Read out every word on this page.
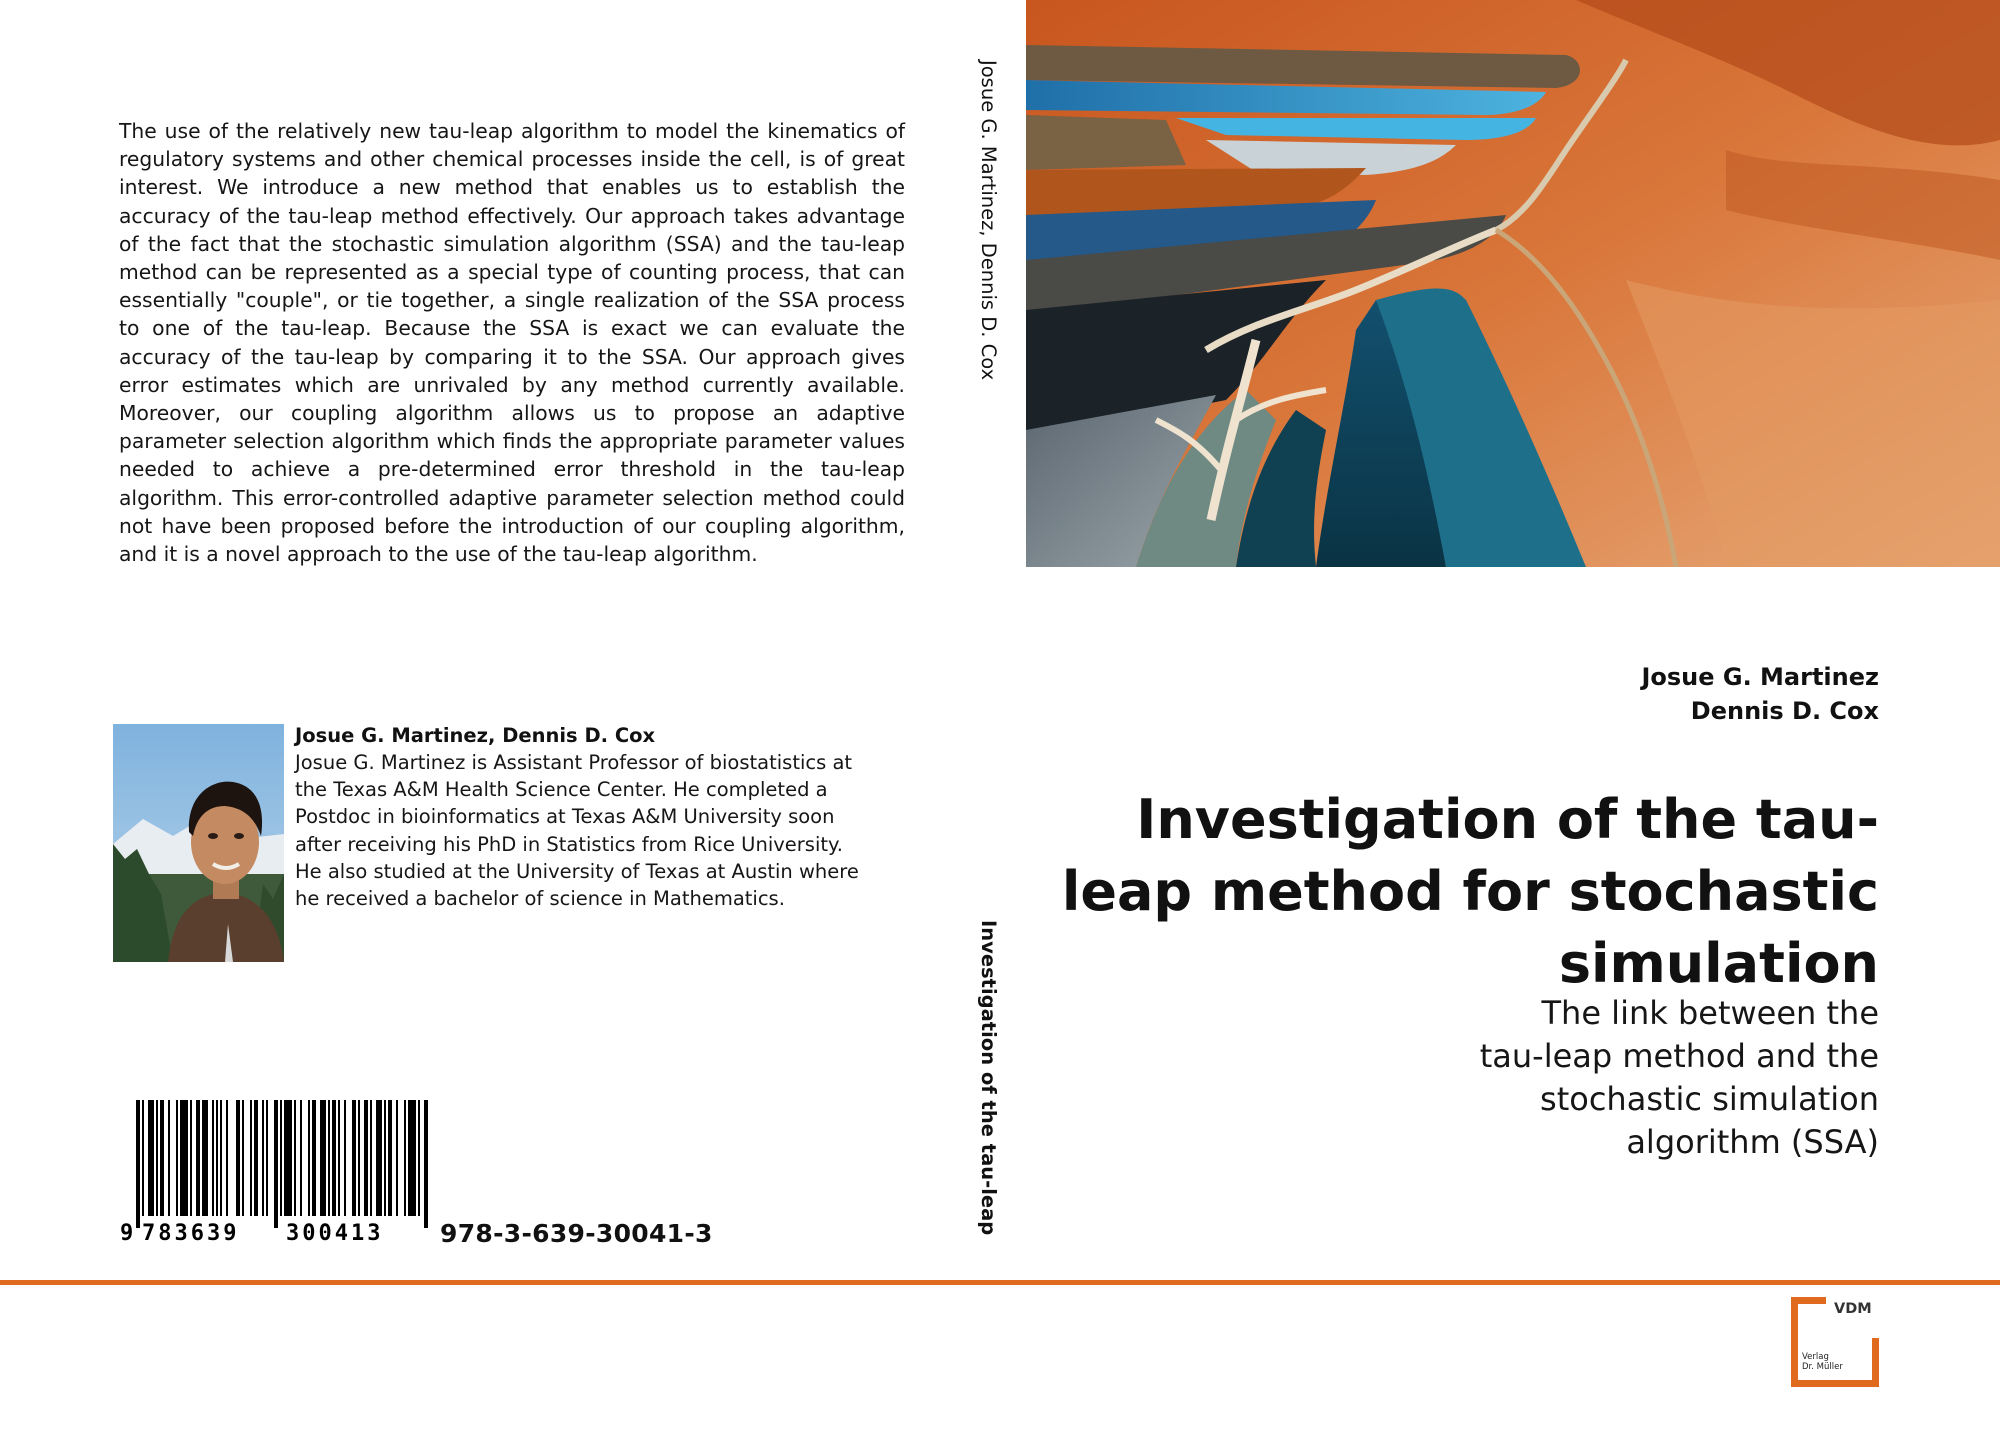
The use of the relatively new tau-leap algorithm to model the kinematics of regulatory systems and other chemical processes inside the cell, is of great interest. We introduce a new method that enables us to establish the accuracy of the tau-leap method effectively. Our approach takes advantage of the fact that the stochastic simulation algorithm (SSA) and the tau-leap method can be represented as a special type of counting process, that can essentially "couple", or tie together, a single realization of the SSA process to one of the tau-leap. Because the SSA is exact we can evaluate the accuracy of the tau-leap by comparing it to the SSA. Our approach gives error estimates which are unrivaled by any method currently available. Moreover, our coupling algorithm allows us to propose an adaptive parameter selection algorithm which finds the appropriate parameter values needed to achieve a pre-determined error threshold in the tau-leap algorithm. This error-controlled adaptive parameter selection method could not have been proposed before the introduction of our coupling algorithm, and it is a novel approach to the use of the tau-leap algorithm.
Josue G. Martinez, Dennis D. Cox
Josue G. Martinez is Assistant Professor of biostatistics at the Texas A&M Health Science Center. He completed a Postdoc in bioinformatics at Texas A&M University soon after receiving his PhD in Statistics from Rice University. He also studied at the University of Texas at Austin where he received a bachelor of science in Mathematics.
9 783639 300413 978-3-639-30041-3
Josue G. Martinez, Dennis D. Cox
Investigation of the tau-leap
Josue G. Martinez
Dennis D. Cox
Investigation of the tau-leap method for stochastic simulation
The link between the
tau-leap method and the
stochastic simulation
algorithm (SSA)
VDM
Verlag
Dr. Müller
